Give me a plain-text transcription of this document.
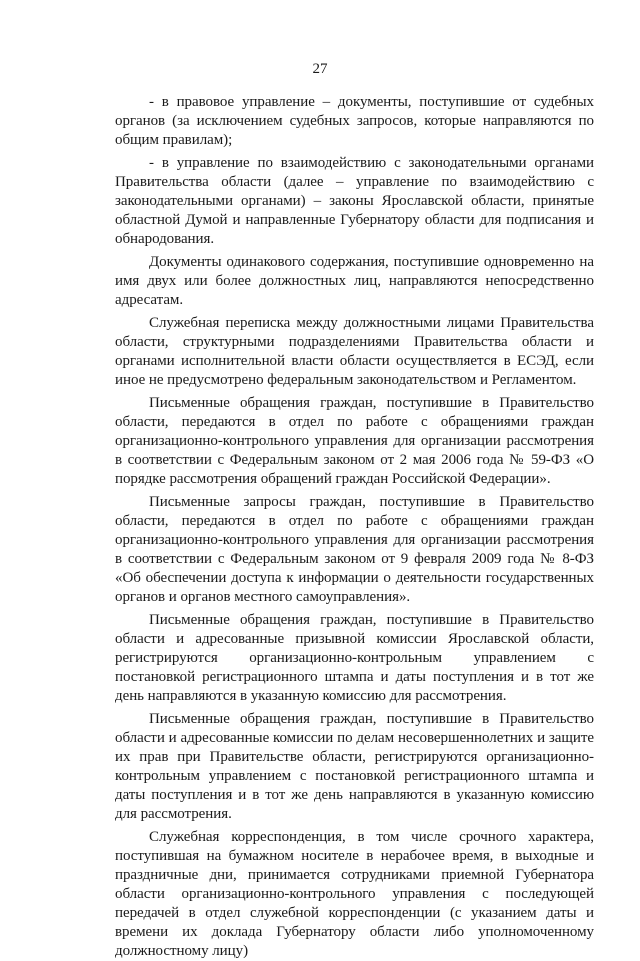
27

- в правовое управление – документы, поступившие от судебных органов (за исключением судебных запросов, которые направляются по общим правилам);

- в управление по взаимодействию с законодательными органами Правительства области (далее – управление по взаимодействию с законодательными органами) – законы Ярославской области, принятые областной Думой и направленные Губернатору области для подписания и обнародования.

Документы одинакового содержания, поступившие одновременно на имя двух или более должностных лиц, направляются непосредственно адресатам.

Служебная переписка между должностными лицами Правительства области, структурными подразделениями Правительства области и органами исполнительной власти области осуществляется в ЕСЭД, если иное не предусмотрено федеральным законодательством и Регламентом.

Письменные обращения граждан, поступившие в Правительство области, передаются в отдел по работе с обращениями граждан организационно-контрольного управления для организации рассмотрения в соответствии с Федеральным законом от 2 мая 2006 года № 59-ФЗ «О порядке рассмотрения обращений граждан Российской Федерации».

Письменные запросы граждан, поступившие в Правительство области, передаются в отдел по работе с обращениями граждан организационно-контрольного управления для организации рассмотрения в соответствии с Федеральным законом от 9 февраля 2009 года № 8-ФЗ «Об обеспечении доступа к информации о деятельности государственных органов и органов местного самоуправления».

Письменные обращения граждан, поступившие в Правительство области и адресованные призывной комиссии Ярославской области, регистрируются организационно-контрольным управлением с постановкой регистрационного штампа и даты поступления и в тот же день направляются в указанную комиссию для рассмотрения.

Письменные обращения граждан, поступившие в Правительство области и адресованные комиссии по делам несовершеннолетних и защите их прав при Правительстве области, регистрируются организационно-контрольным управлением с постановкой регистрационного штампа и даты поступления и в тот же день направляются в указанную комиссию для рассмотрения.

Служебная корреспонденция, в том числе срочного характера, поступившая на бумажном носителе в нерабочее время, в выходные и праздничные дни, принимается сотрудниками приемной Губернатора области организационно-контрольного управления с последующей передачей в отдел служебной корреспонденции (с указанием даты и времени их доклада Губернатору области либо уполномоченному должностному лицу)
